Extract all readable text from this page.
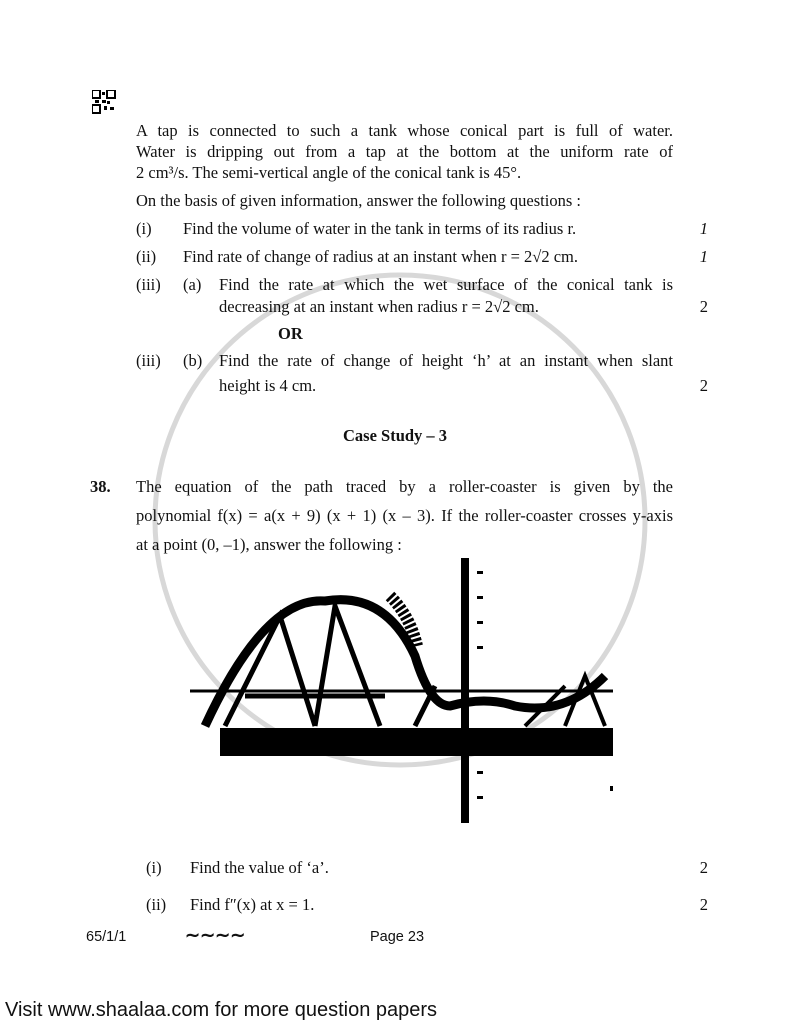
A tap is connected to such a tank whose conical part is full of water.
Water is dripping out from a tap at the bottom at the uniform rate of
2 cm³/s. The semi-vertical angle of the conical tank is 45°.
On the basis of given information, answer the following questions :
(i) Find the volume of water in the tank in terms of its radius r.	1
(ii) Find rate of change of radius at an instant when r = 2√2 cm.	1
(iii) (a) Find the rate at which the wet surface of the conical tank is
decreasing at an instant when radius r = 2√2 cm.	2
OR
(iii) (b) Find the rate of change of height ‘h’ at an instant when slant
height is 4 cm.	2
Case Study – 3
38. The equation of the path traced by a roller-coaster is given by the
polynomial f(x) = a(x + 9) (x + 1) (x – 3). If the roller-coaster crosses y-axis
at a point (0, –1), answer the following :
(i) Find the value of ‘a’.	2
(ii) Find f″(x) at x = 1.	2
65/1/1	∼∼∼∼	Page 23
Visit www.shaalaa.com for more question papers
